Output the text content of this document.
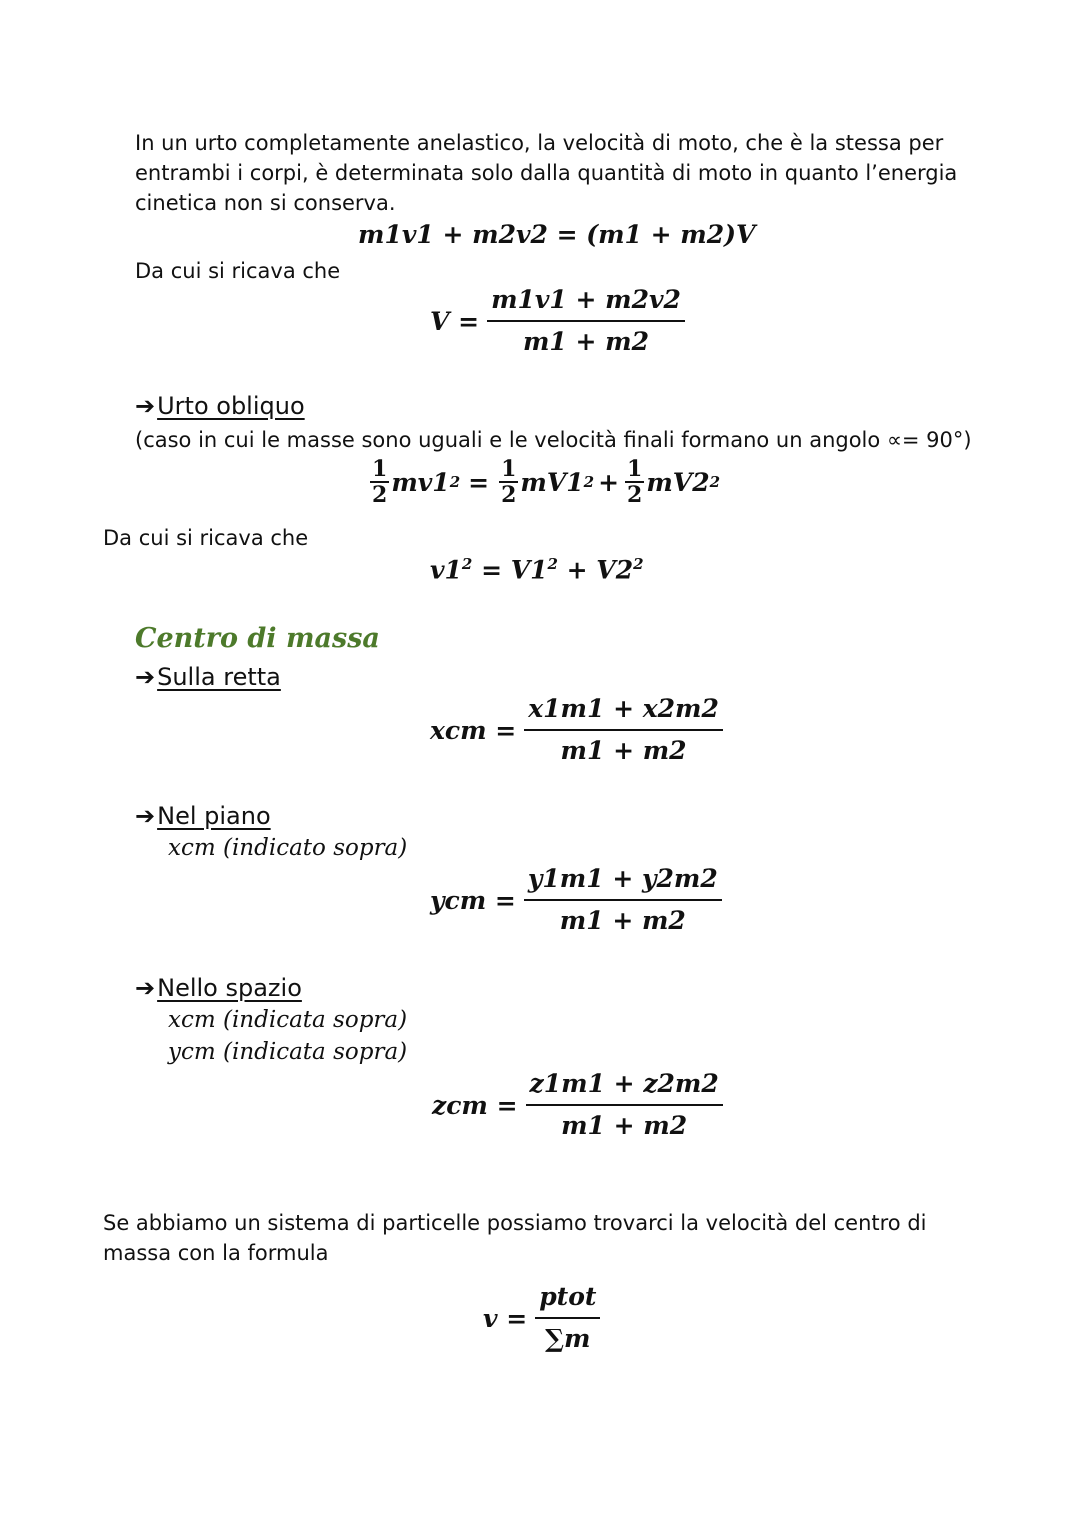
In un urto completamente anelastico, la velocità di moto, che è la stessa per
entrambi i corpi, è determinata solo dalla quantità di moto in quanto l’energia
cinetica non si conserva.
m1v1 + m2v2 = (m1 + m2)V
Da cui si ricava che
$V = \frac{m1v1 + m2v2}{m1 + m2}$
➔Urto obliquo
(caso in cui le masse sono uguali e le velocità finali formano un angolo ∝= 90°)
$\frac{1}{2} mv1$ $2 = \frac{1}{2} mV1$ $2 + \frac{1}{2} mV2$ 2
Da cui si ricava che
$v1^2 = V1^2 + V2^2$
Centro di massa
➔Sulla retta
xcm = $\frac{x1m1 + x2m2}{m1 + m2}$
➔Nel piano
xcm (indicato sopra)
ycm = $\frac{y1m1 + y2m2}{m1 + m2}$
➔Nello spazio
xcm (indicata sopra)
ycm (indicata sopra)
zcm = $\frac{z1m1 + z2m2}{m1 + m2}$
Se abbiamo un sistema di particelle possiamo trovarci la velocità del centro di
massa con la formula
$v = \frac{\text{ptot}}{\sum m}$
